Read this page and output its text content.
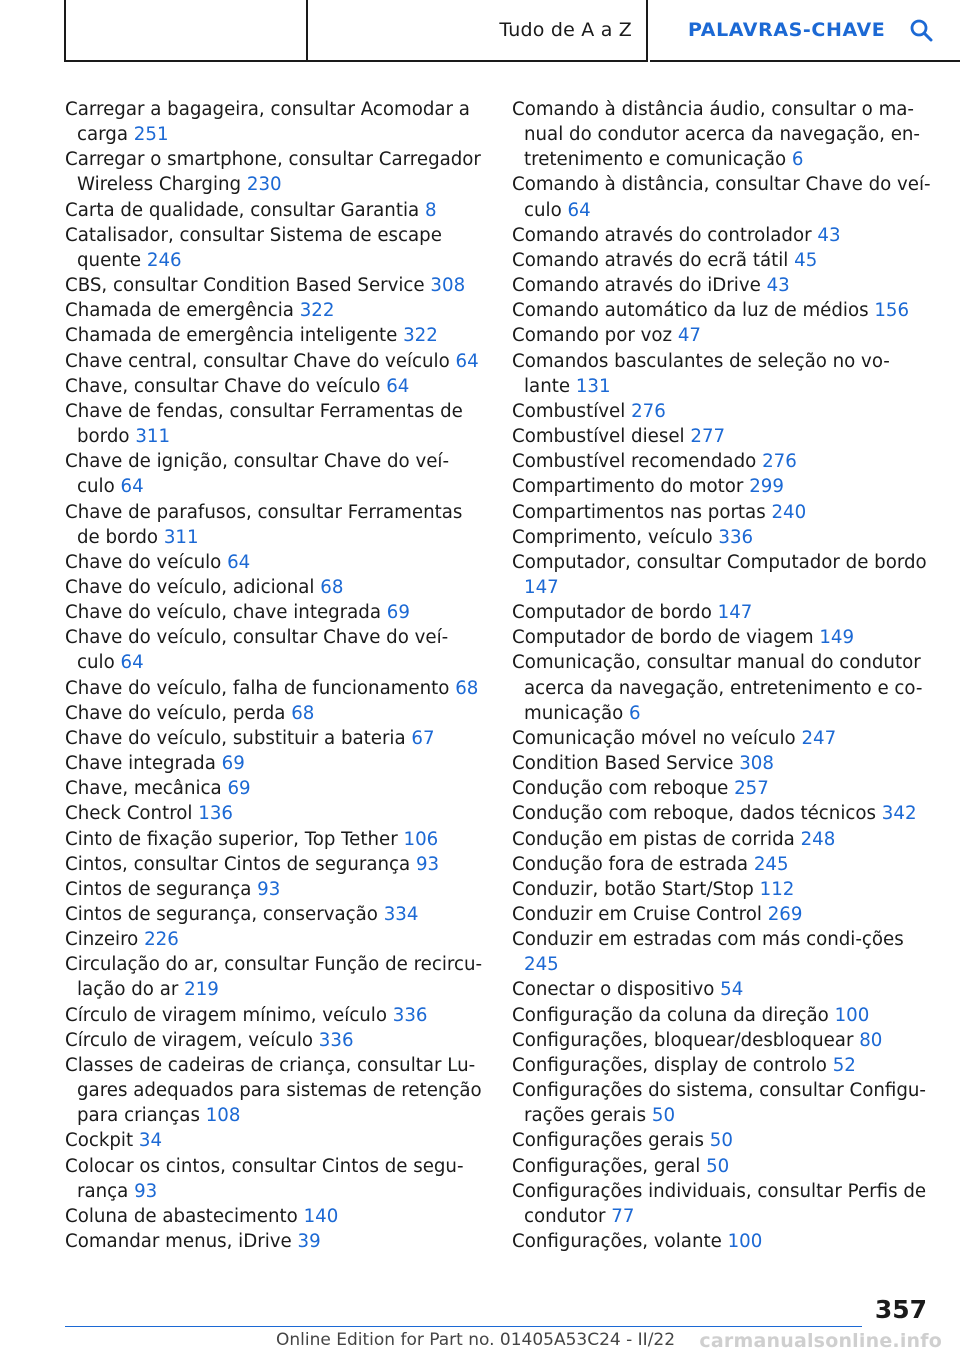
Tudo de A a Z	PALAVRAS-CHAVE
Carregar a bagageira, consultar Acomodar a carga 251
Carregar o smartphone, consultar Carregador Wireless Charging 230
Carta de qualidade, consultar Garantia 8
Catalisador, consultar Sistema de escape quente 246
CBS, consultar Condition Based Service 308
Chamada de emergência 322
Chamada de emergência inteligente 322
Chave central, consultar Chave do veículo 64
Chave, consultar Chave do veículo 64
Chave de fendas, consultar Ferramentas de bordo 311
Chave de ignição, consultar Chave do veí-culo 64
Chave de parafusos, consultar Ferramentas de bordo 311
Chave do veículo 64
Chave do veículo, adicional 68
Chave do veículo, chave integrada 69
Chave do veículo, consultar Chave do veí-culo 64
Chave do veículo, falha de funcionamento 68
Chave do veículo, perda 68
Chave do veículo, substituir a bateria 67
Chave integrada 69
Chave, mecânica 69
Check Control 136
Cinto de fixação superior, Top Tether 106
Cintos, consultar Cintos de segurança 93
Cintos de segurança 93
Cintos de segurança, conservação 334
Cinzeiro 226
Circulação do ar, consultar Função de recircu-lação do ar 219
Círculo de viragem mínimo, veículo 336
Círculo de viragem, veículo 336
Classes de cadeiras de criança, consultar Lu-gares adequados para sistemas de retenção para crianças 108
Cockpit 34
Colocar os cintos, consultar Cintos de segu-rança 93
Coluna de abastecimento 140
Comandar menus, iDrive 39
Comando à distância áudio, consultar o ma-nual do condutor acerca da navegação, en-tretenimento e comunicação 6
Comando à distância, consultar Chave do veí-culo 64
Comando através do controlador 43
Comando através do ecrã tátil 45
Comando através do iDrive 43
Comando automático da luz de médios 156
Comando por voz 47
Comandos basculantes de seleção no vo-lante 131
Combustível 276
Combustível diesel 277
Combustível recomendado 276
Compartimento do motor 299
Compartimentos nas portas 240
Comprimento, veículo 336
Computador, consultar Computador de bordo 147
Computador de bordo 147
Computador de bordo de viagem 149
Comunicação, consultar manual do condutor acerca da navegação, entretenimento e co-municação 6
Comunicação móvel no veículo 247
Condition Based Service 308
Condução com reboque 257
Condução com reboque, dados técnicos 342
Condução em pistas de corrida 248
Condução fora de estrada 245
Conduzir, botão Start/Stop 112
Conduzir em Cruise Control 269
Conduzir em estradas com más condi-ções 245
Conectar o dispositivo 54
Configuração da coluna da direção 100
Configurações, bloquear/desbloquear 80
Configurações, display de controlo 52
Configurações do sistema, consultar Configu-rações gerais 50
Configurações gerais 50
Configurações, geral 50
Configurações individuais, consultar Perfis de condutor 77
Configurações, volante 100
357
Online Edition for Part no. 01405A53C24 - II/22 carmanualsonline.info
